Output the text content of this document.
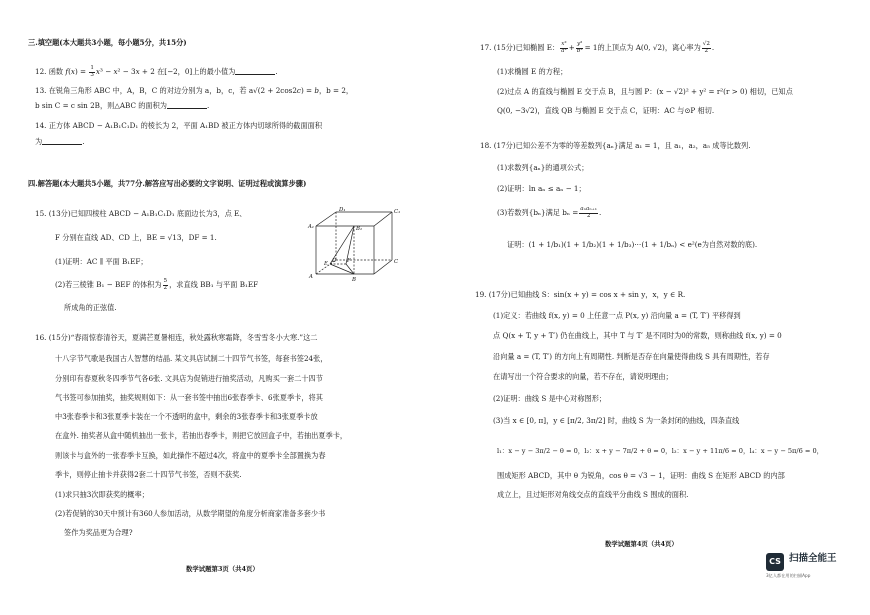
三.填空题(本大题共3小题，每小题5分，共15分)
12. 函数 $f(x) = \frac{1}{3} x^3 - x^2 - 3x + 2$ 在[−2，0]上的最小值为	.
13. 在锐角三角形 ABC 中，A，B，C 的对边分别为 a，b，c，若 a√(2 + 2cos2c) = b，b = 2，
b sin C = c sin 2B，则△ABC 的面积为	.
14. 正方体 ABCD − A₁B₁C₁D₁ 的棱长为 2，平面 A₁BD 被正方体内切球所得的截面面积
为	.
四.解答题(本大题共5小题，共77分.解答应写出必要的文字说明、证明过程或演算步骤)
15. (13分)已知四棱柱 ABCD − A₁B₁C₁D₁ 底面边长为3，点 E、
F 分别在直线 AD、CD 上，BE = √13，DF = 1.
(1)证明：AC ∥ 平面 B₁EF；
(2)若三棱锥 B₁ − BEF 的体积为 $\frac{5}{2}$ ，求直线 BB₁ 与平面 B₁EF
所成角的正弦值.
D₁	C₁
A₁	B₁
D
E	F	C
A	B
16. (15分)“春雨惊春清谷天，夏满芒夏暑相连，秋处露秋寒霜降，冬雪雪冬小大寒.”这二
十八字节气歌是我国古人智慧的结晶. 某文具店试制二十四节气书签，每套书签24张，
分别印有春夏秋冬四季节气各6张. 文具店为促销进行抽奖活动，凡购买一套二十四节
气书签可参加抽奖，抽奖规则如下：从一套书签中抽出6张春季卡、6张夏季卡，将其
中3张春季卡和3张夏季卡装在一个不透明的盒中，剩余的3张春季卡和3张夏季卡放
在盒外. 抽奖者从盒中随机抽出一张卡，若抽出春季卡，则把它放回盒子中，若抽出夏季卡，
则该卡与盒外的一张春季卡互换，如此操作不超过4次，将盒中的夏季卡全部置换为春
季卡，则停止抽卡并获得2套二十四节气书签，否则不获奖.
(1)求只抽3次即获奖的概率；
(2)若促销的30天中预计有360人参加活动，从数学期望的角度分析商家准备多套少书
签作为奖品更为合理?
数学试题第3页（共4页）
17. (15分)已知椭圆 E： $\frac{\text{x²}}{\text{a²}} + \frac{\text{y²}}{\text{b²}} = 1$的上顶点为 A(0, √2)，离心率为 $\frac{√2}{2}$ .
(1)求椭圆 E 的方程；
(2)过点 A 的直线与椭圆 E 交于点 B，且与圆 P：(x − √2)² + y² = r²(r > 0) 相切，已知点
Q(0, −3√2)，直线 QB 与椭圆 E 交于点 C，证明：AC 与⊙P 相切.
18. (17分)已知公差不为零的等差数列{aₙ}满足 a₁ = 1，且 a₁，a₂，a₅ 成等比数列.
(1)求数列{aₙ}的通项公式；
(2)证明：ln aₙ ≤ aₙ − 1；
(3)若数列{bₙ}满足 $b_n = \frac{\text{aₙaₙ₊₁}}{2}$ .
证明：(1 + 1/b₁)(1 + 1/b₂)(1 + 1/b₃)⋯(1 + 1/bₙ) < e²(e为自然对数的底).
19. (17分)已知曲线 S：sin(x + y) = cos x + sin y，x，y ∈ R.
(1)定义：若曲线 f(x, y) = 0 上任意一点 P(x, y) 沿向量 a = (T, T′) 平移得到
点 Q(x + T, y + T′) 仍在曲线上，其中 T 与 T′ 是不同时为0的常数，则称曲线 f(x, y) = 0
沿向量 a = (T, T′) 的方向上有周期性. 判断是否存在向量使得曲线 S 具有周期性，若存
在请写出一个符合要求的向量，若不存在，请说明理由；
(2)证明：曲线 S 是中心对称图形；
(3)当 x ∈ [0, π]，y ∈ [π/2, 3π/2] 时，曲线 S 为一条封闭的曲线，四条直线
l₁：x − y − 3π/2 − θ = 0，l₂：x + y − 7π/2 + θ = 0，l₃：x − y + 11π/6 = 0，l₄：x − y − 5π/6 = 0，
围成矩形 ABCD，其中 θ 为锐角，cos θ = √3 − 1，证明：曲线 S 在矩形 ABCD 的内部
成立上，且过矩形对角线交点的直线平分曲线 S 围成的面积.
数学试题第4页（共4页）
CS 扫描全能王
3亿人都在用的扫描App
